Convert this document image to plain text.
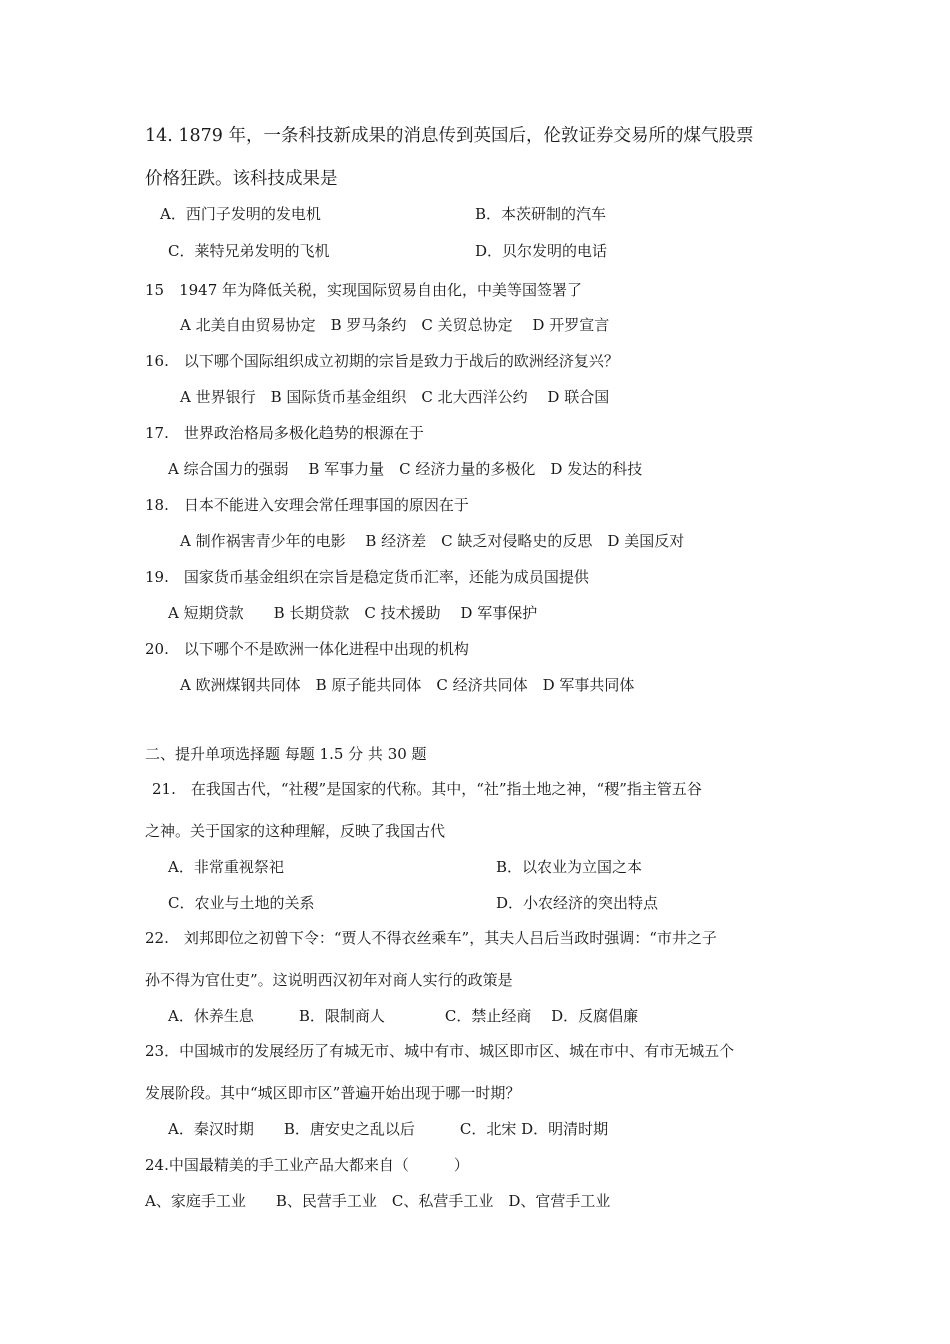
14. 1879 年，一条科技新成果的消息传到英国后，伦敦证券交易所的煤气股票
价格狂跌。该科技成果是
A．西门子发明的发电机	B．本茨研制的汽车
C．莱特兄弟发明的飞机	D．贝尔发明的电话
15　1947 年为降低关税，实现国际贸易自由化，中美等国签署了
A 北美自由贸易协定　B 罗马条约　C 关贸总协定　 D 开罗宣言
16.　以下哪个国际组织成立初期的宗旨是致力于战后的欧洲经济复兴？
A 世界银行　B 国际货币基金组织　C 北大西洋公约　 D 联合国
17.　世界政治格局多极化趋势的根源在于
A 综合国力的强弱　 B 军事力量　C 经济力量的多极化　D 发达的科技
18.　日本不能进入安理会常任理事国的原因在于
A 制作祸害青少年的电影　 B 经济差　C 缺乏对侵略史的反思　D 美国反对
19.　国家货币基金组织在宗旨是稳定货币汇率，还能为成员国提供
A 短期贷款　　B 长期贷款　C 技术援助　 D 军事保护
20.　以下哪个不是欧洲一体化进程中出现的机构
A 欧洲煤钢共同体　B 原子能共同体　C 经济共同体　D 军事共同体
二、提升单项选择题 每题 1.5 分 共 30 题
21.　在我国古代，“社稷”是国家的代称。其中，“社”指土地之神，“稷”指主管五谷
之神。关于国家的这种理解，反映了我国古代
A．非常重视祭祀	B．以农业为立国之本
C．农业与土地的关系	D．小农经济的突出特点
22.　刘邦即位之初曾下令：“贾人不得衣丝乘车”，其夫人吕后当政时强调：“市井之子
孙不得为官仕吏”。这说明西汉初年对商人实行的政策是
A．休养生息　　　B．限制商人　　　　C．禁止经商　 D．反腐倡廉
23．中国城市的发展经历了有城无市、城中有市、城区即市区、城在市中、有市无城五个
发展阶段。其中“城区即市区”普遍开始出现于哪一时期？
A．秦汉时期　　B．唐安史之乱以后　　　C．北宋 D．明清时期
24.中国最精美的手工业产品大都来自（　　　）
A、家庭手工业　　B、民营手工业　C、私营手工业　D、官营手工业
